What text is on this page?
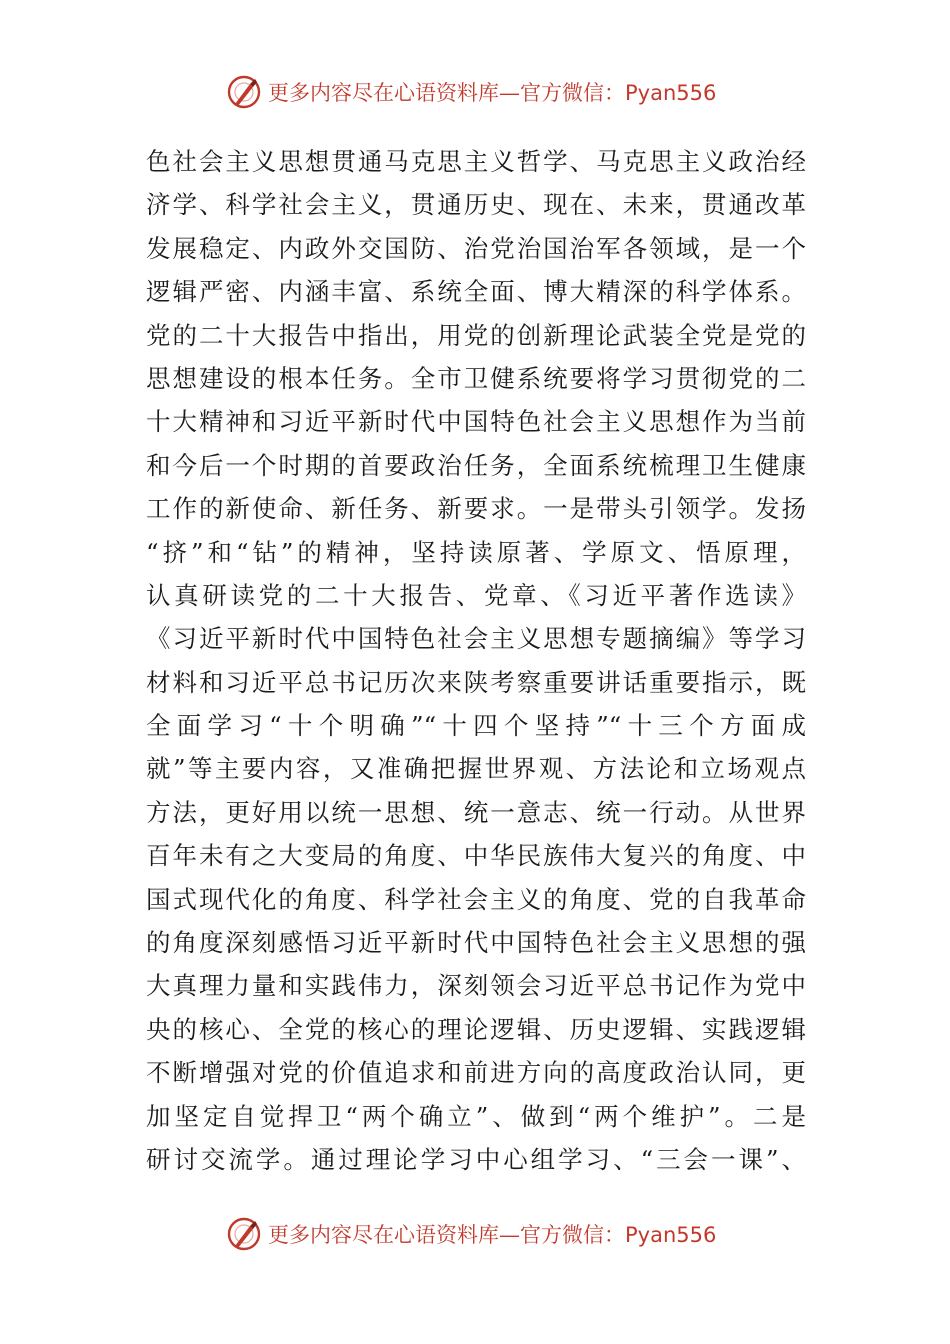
更多内容尽在心语资料库—官方微信：Pyan556
色社会主义思想贯通马克思主义哲学、马克思主义政治经
济学、科学社会主义，贯通历史、现在、未来，贯通改革
发展稳定、内政外交国防、治党治国治军各领域，是一个
逻辑严密、内涵丰富、系统全面、博大精深的科学体系。
党的二十大报告中指出，用党的创新理论武装全党是党的
思想建设的根本任务。全市卫健系统要将学习贯彻党的二
十大精神和习近平新时代中国特色社会主义思想作为当前
和今后一个时期的首要政治任务，全面系统梳理卫生健康
工作的新使命、新任务、新要求。一是带头引领学。发扬
“挤”和“钻”的精神，坚持读原著、学原文、悟原理，
认真研读党的二十大报告、党章、《习近平著作选读》
《习近平新时代中国特色社会主义思想专题摘编》等学习
材料和习近平总书记历次来陕考察重要讲话重要指示，既
全面学习“十个明确”“十四个坚持”“十三个方面成
就”等主要内容，又准确把握世界观、方法论和立场观点
方法，更好用以统一思想、统一意志、统一行动。从世界
百年未有之大变局的角度、中华民族伟大复兴的角度、中
国式现代化的角度、科学社会主义的角度、党的自我革命
的角度深刻感悟习近平新时代中国特色社会主义思想的强
大真理力量和实践伟力，深刻领会习近平总书记作为党中
央的核心、全党的核心的理论逻辑、历史逻辑、实践逻辑
不断增强对党的价值追求和前进方向的高度政治认同，更
加坚定自觉捍卫“两个确立”、做到“两个维护”。二是
研讨交流学。通过理论学习中心组学习、“三会一课”、
更多内容尽在心语资料库—官方微信：Pyan556
